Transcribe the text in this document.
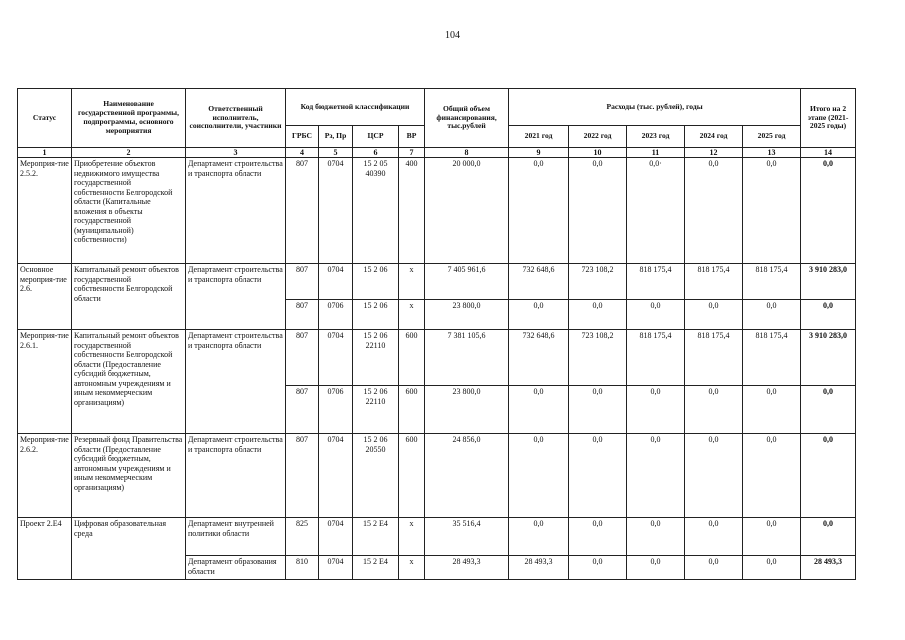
104
Статус	Наименование государственной программы, подпрограммы, основного мероприятия	Ответственный исполнитель, соисполнители, участники	Код бюджетной классификации				Общий объем финансирования, тыс.рублей	Расходы (тыс. рублей), годы					Итого на 2 этапе (2021-2025 годы)
			ГРБС	Рз, Пр	ЦСР	ВР		2021 год	2022 год	2023 год	2024 год	2025 год	
1	2	3	4	5	6	7	8	9	10	11	12	13	14
Мероприя-тие 2.5.2.	Приобретение объектов недвижимого имущества государственной собственности Белгородской области (Капитальные вложения в объекты государственной (муниципальной) собственности)	Департамент строительства и транспорта области	807	0704	15 2 05 40390	400	20 000,0	0,0	0,0	0,0·	0,0	0,0	0,0
Основное мероприя-тие 2.6.	Капитальный ремонт объектов государственной собственности Белгородской области	Департамент строительства и транспорта области	807	0704	15 2 06	х	7 405 961,6	732 648,6	723 108,2	818 175,4	818 175,4	818 175,4	3 910 283,0
			807	0706	15 2 06	х	23 800,0	0,0	0,0	0,0	0,0	0,0	0,0
Мероприя-тие 2.6.1.	Капитальный ремонт объектов государственной собственности Белгородской области (Предоставление субсидий бюджетным, автономным учреждениям и иным некоммерческим организациям)	Департамент строительства и транспорта области	807	0704	15 2 06 22110	600	7 381 105,6	732 648,6	723 108,2	818 175,4	818 175,4	818 175,4	3 910 283,0
			807	0706	15 2 06 22110	600	23 800,0	0,0	0,0	0,0	0,0	0,0	0,0
Мероприя-тие 2.6.2.	Резервный фонд Правительства области (Предоставление субсидий бюджетным, автономным учреждениям и иным некоммерческим организациям)	Департамент строительства и транспорта области	807	0704	15 2 06 20550	600	24 856,0	0,0	0,0	0,0	0,0	0,0	0,0
Проект 2.Е4	Цифровая образовательная среда	Департамент внутренней политики области	825	0704	15 2 Е4	х	35 516,4	0,0	0,0	0,0	0,0	0,0	0,0
		Департамент образования области	810	0704	15 2 Е4	х	28 493,3	28 493,3	0,0	0,0	0,0	0,0	28 493,3
